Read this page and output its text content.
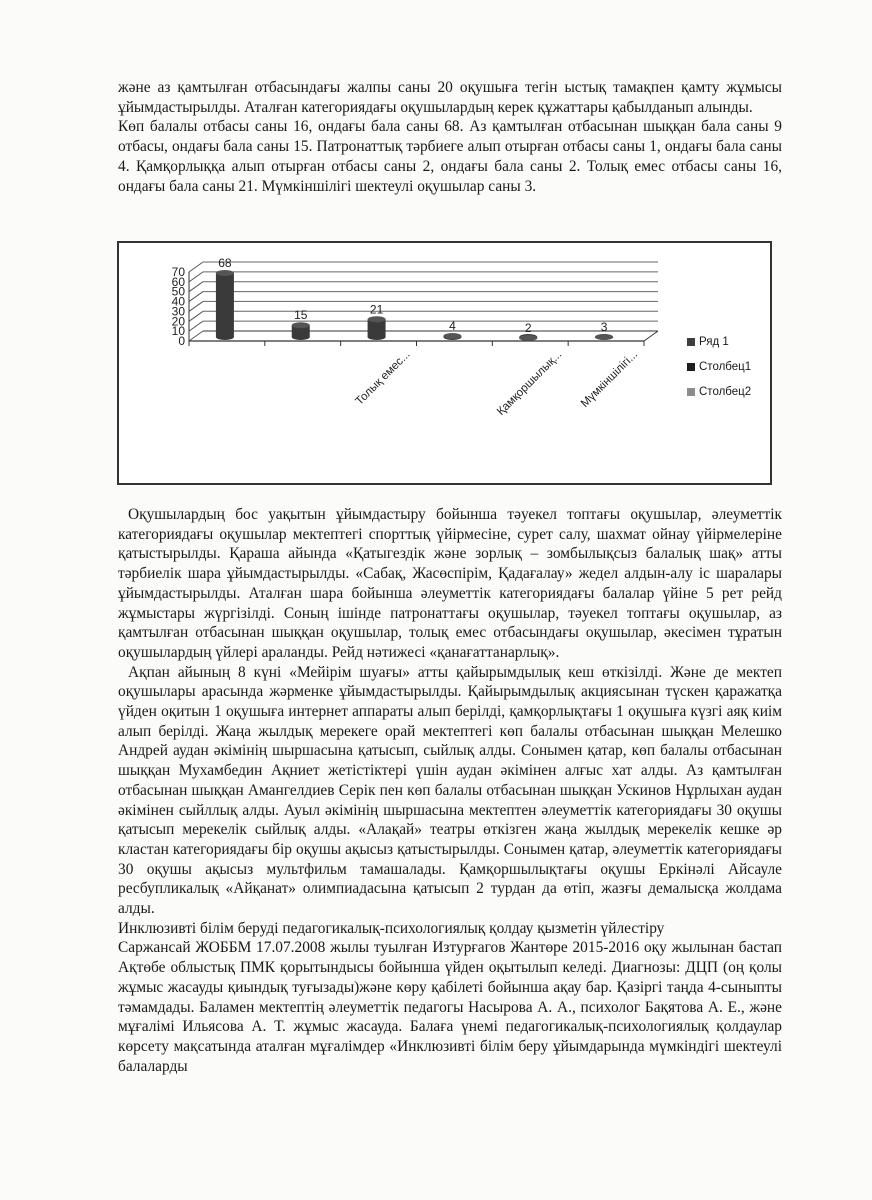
және аз қамтылған отбасындағы жалпы саны 20 оқушыға тегін ыстық тамақпен қамту жұмысы ұйымдастырылды. Аталған категориядағы оқушылардың керек құжаттары қабылданып алынды.

Көп балалы отбасы саны 16, ондағы бала саны 68. Аз қамтылған отбасынан шыққан бала саны 9 отбасы, ондағы бала саны 15. Патронаттық тәрбиеге алып отырған отбасы саны 1, ондағы бала саны 4. Қамқорлыққа алып отырған отбасы саны 2, ондағы бала саны 2. Толық емес отбасы саны 16, ондағы бала саны 21. Мүмкіншілігі шектеулі оқушылар саны 3.

0
10
20
30
40
50
60
70
68
15	21
Толық емес...
4	2
Қамқоршылық...
3
Мүмкіншілігі...
Ряд 1
Столбец1
Столбец2

Оқушылардың бос уақытын ұйымдастыру бойынша тәуекел топтағы оқушылар, әлеуметтік категориядағы оқушылар мектептегі спорттық үйірмесіне, сурет салу, шахмат ойнау үйірмелеріне қатыстырылды. Қараша айында «Қатыгездік және зорлық – зомбылықсыз балалық шақ» атты тәрбиелік шара ұйымдастырылды. «Сабақ, Жасөспірім, Қадағалау» жедел алдын-алу іс шаралары ұйымдастырылды. Аталған шара бойынша әлеуметтік категориядағы балалар үйіне 5 рет рейд жұмыстары жүргізілді. Соның ішінде патронаттағы оқушылар, тәуекел топтағы оқушылар, аз қамтылған отбасынан шыққан оқушылар, толық емес отбасындағы оқушылар, әкесімен тұратын оқушылардың үйлері араланды. Рейд нәтижесі «қанағаттанарлық».

Ақпан айының 8 күні «Мейірім шуағы» атты қайырымдылық кеш өткізілді. Және де мектеп оқушылары арасында жәрменке ұйымдастырылды. Қайырымдылық акциясынан түскен қаражатқа үйден оқитын 1 оқушыға интернет аппараты алып берілді, қамқорлықтағы 1 оқушыға күзгі аяқ киім алып берілді. Жаңа жылдық мерекеге орай мектептегі көп балалы отбасынан шыққан Мелешко Андрей аудан әкімінің шыршасына қатысып, сыйлық алды. Сонымен қатар, көп балалы отбасынан шыққан Мухамбедин Ақниет жетістіктері үшін аудан әкімінен алғыс хат алды. Аз қамтылған отбасынан шыққан Амангелдиев Серік пен көп балалы отбасынан шыққан Ускинов Нұрлыхан аудан әкімінен сыйллық алды. Ауыл әкімінің шыршасына мектептен әлеуметтік категориядағы 30 оқушы қатысып мерекелік сыйлық алды. «Алақай» театры өткізген жаңа жылдық мерекелік кешке әр кластан категориядағы бір оқушы ақысыз қатыстырылды. Сонымен қатар, әлеуметтік категориядағы 30 оқушы ақысыз мультфильм тамашалады. Қамқоршылықтағы оқушы Еркінәлі Айсауле ресбупликалық «Айқанат» олимпиадасына қатысып 2 турдан да өтіп, жазғы демалысқа жолдама алды.

Инклюзивті білім беруді педагогикалық-психологиялық қолдау қызметін үйлестіру

Саржансай ЖОББМ 17.07.2008 жылы туылған Изтурғагов Жантөре 2015-2016 оқу жылынан бастап Ақтөбе облыстық ПМК қорытындысы бойынша үйден оқытылып келеді. Диагнозы: ДЦП (оң қолы жұмыс жасауды қиындық туғызады)және көру қабілеті бойынша ақау бар. Қазіргі таңда 4-сыныпты тәмамдады. Баламен мектептің әлеуметтік педагогы Насырова А. А., психолог Бақятова А. Е., және мұғалімі Ильясова А. Т. жұмыс жасауда. Балаға үнемі педагогикалық-психологиялық қолдаулар көрсету мақсатында аталған мұғалімдер «Инклюзивті білім беру ұйымдарында мүмкіндігі шектеулі балаларды
